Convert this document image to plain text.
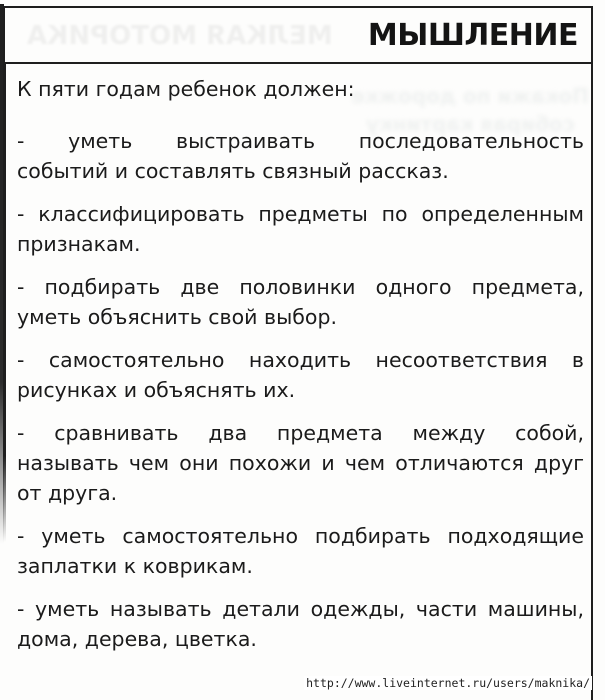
МЕЛКАЯ МОТОРИКА МЫШЛЕНИЕ
Покажи по дорожке
собирая картинку

К пяти годам ребенок должен:

- уметь выстраивать последовательность
событий и составлять связный рассказ.

- классифицировать предметы по определенным
признакам.

- подбирать две половинки одного предмета,
уметь объяснить свой выбор.

- самостоятельно находить несоответствия в
рисунках и объяснять их.

- сравнивать два предмета между собой,
называть чем они похожи и чем отличаются друг
от друга.

- уметь самостоятельно подбирать подходящие
заплатки к коврикам.

- уметь называть детали одежды, части машины,
дома, дерева, цветка.

http://www.liveinternet.ru/users/maknika/
